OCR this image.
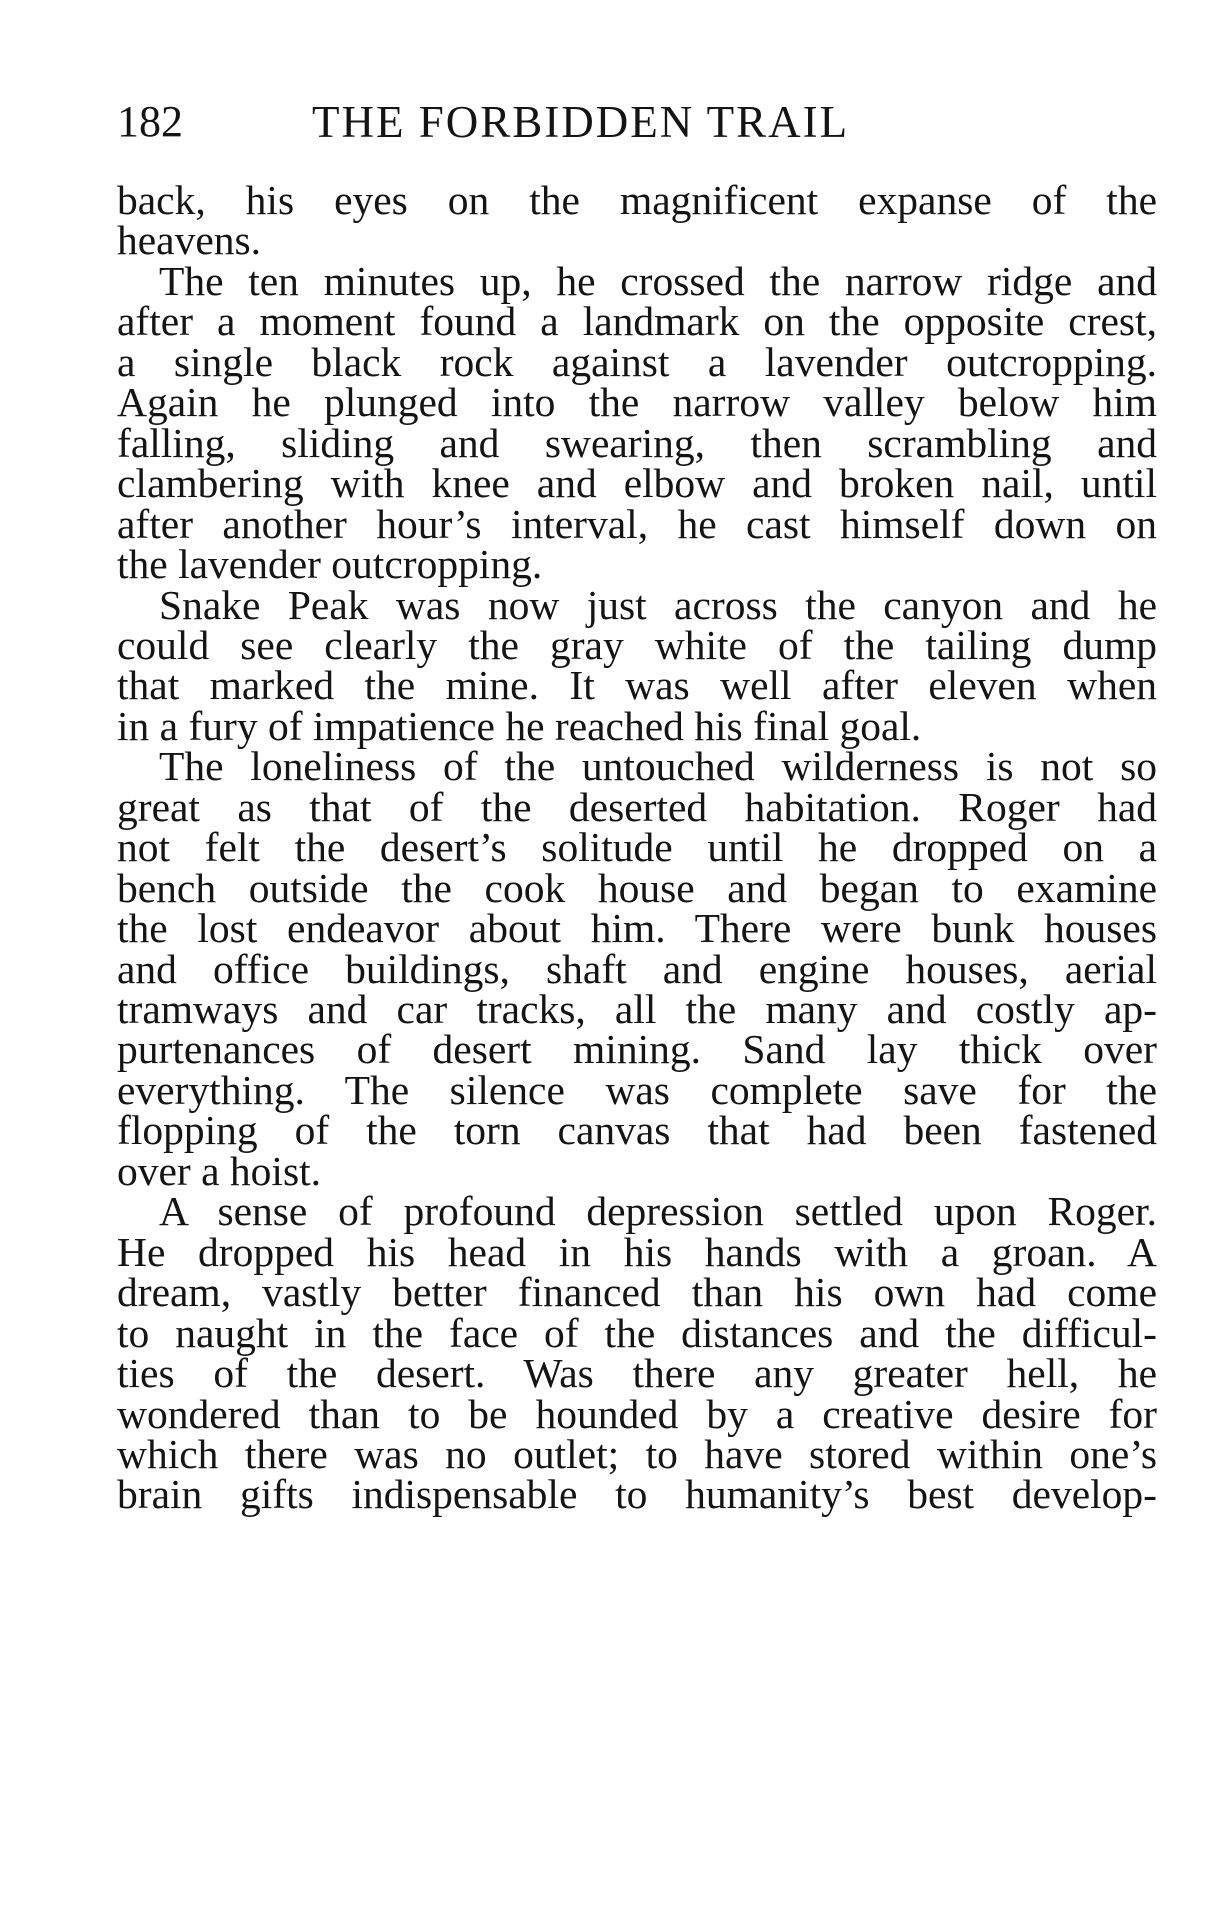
182	THE FORBIDDEN TRAIL
back, his eyes on the magnificent expanse of the
heavens.
The ten minutes up, he crossed the narrow ridge and
after a moment found a landmark on the opposite crest,
a single black rock against a lavender outcropping.
Again he plunged into the narrow valley below him
falling, sliding and swearing, then scrambling and
clambering with knee and elbow and broken nail, until
after another hour’s interval, he cast himself down on
the lavender outcropping.
Snake Peak was now just across the canyon and he
could see clearly the gray white of the tailing dump
that marked the mine. It was well after eleven when
in a fury of impatience he reached his final goal.
The loneliness of the untouched wilderness is not so
great as that of the deserted habitation. Roger had
not felt the desert’s solitude until he dropped on a
bench outside the cook house and began to examine
the lost endeavor about him. There were bunk houses
and office buildings, shaft and engine houses, aerial
tramways and car tracks, all the many and costly ap-
purtenances of desert mining. Sand lay thick over
everything. The silence was complete save for the
flopping of the torn canvas that had been fastened
over a hoist.
A sense of profound depression settled upon Roger.
He dropped his head in his hands with a groan. A
dream, vastly better financed than his own had come
to naught in the face of the distances and the difficul-
ties of the desert. Was there any greater hell, he
wondered than to be hounded by a creative desire for
which there was no outlet; to have stored within one’s
brain gifts indispensable to humanity’s best develop-
